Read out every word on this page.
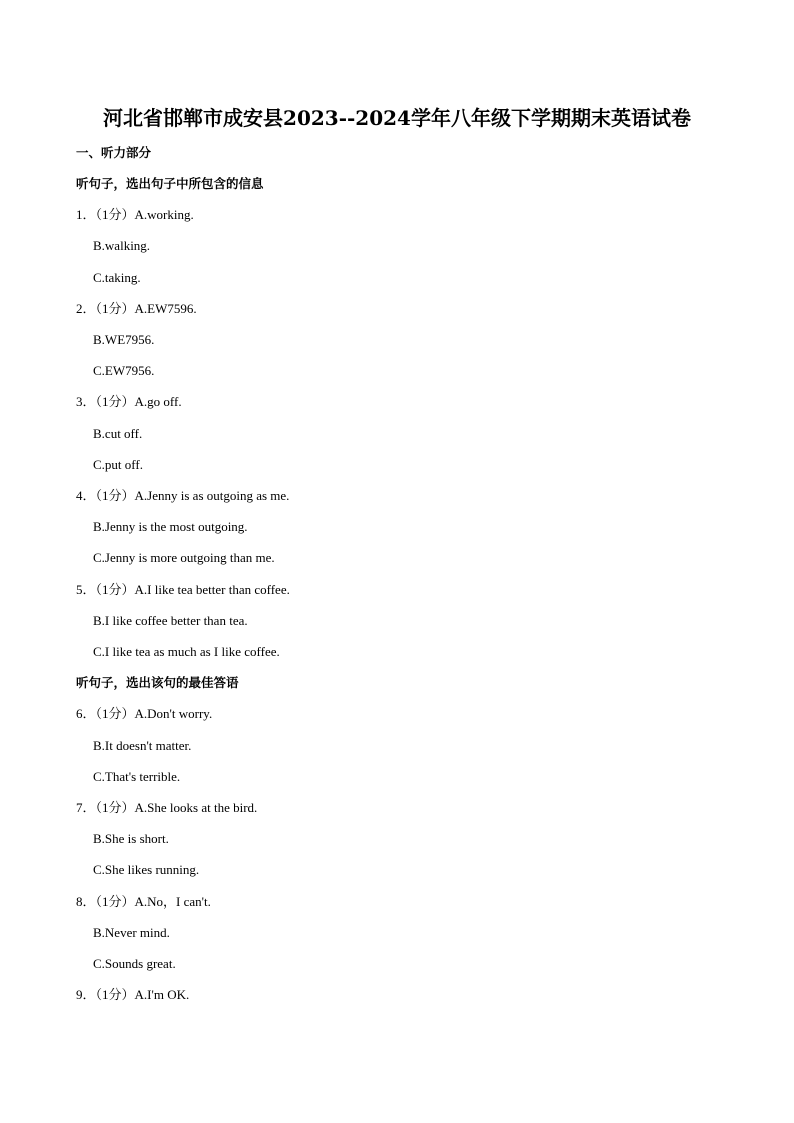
河北省邯郸市成安县2023--2024学年八年级下学期期末英语试卷
一、听力部分
听句子，选出句子中所包含的信息
1．（1分）A.working.
B.walking.
C.taking.
2．（1分）A.EW7596.
B.WE7956.
C.EW7956.
3．（1分）A.go off.
B.cut off.
C.put off.
4．（1分）A.Jenny is as outgoing as me.
B.Jenny is the most outgoing.
C.Jenny is more outgoing than me.
5．（1分）A.I like tea better than coffee.
B.I like coffee better than tea.
C.I like tea as much as I like coffee.
听句子，选出该句的最佳答语
6．（1分）A.Don't worry.
B.It doesn't matter.
C.That's terrible.
7．（1分）A.She looks at the bird.
B.She is short.
C.She likes running.
8．（1分）A.No，I can't.
B.Never mind.
C.Sounds great.
9．（1分）A.I'm OK.
